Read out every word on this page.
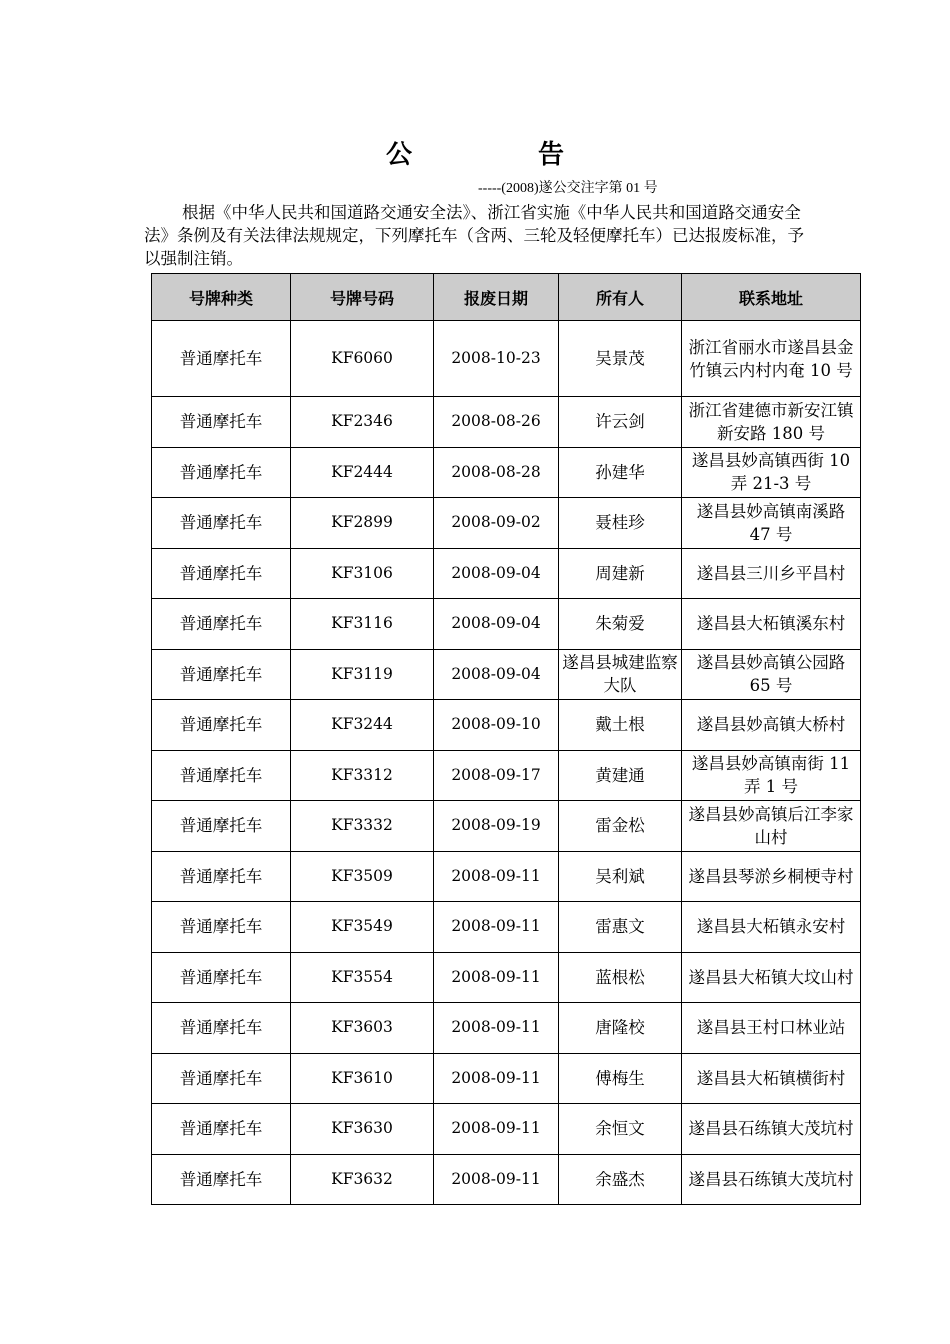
公	告
-----(2008)遂公交注字第 01 号
根据《中华人民共和国道路交通安全法》、浙江省实施《中华人民共和国道路交通安全法》条例及有关法律法规规定，下列摩托车（含两、三轮及轻便摩托车）已达报废标准，予以强制注销。
号牌种类	号牌号码	报废日期	所有人	联系地址
普通摩托车	KF6060	2008-10-23	吴景茂	浙江省丽水市遂昌县金竹镇云内村内奄 10 号
普通摩托车	KF2346	2008-08-26	许云剑	浙江省建德市新安江镇新安路 180 号
普通摩托车	KF2444	2008-08-28	孙建华	遂昌县妙高镇西街 10 弄 21-3 号
普通摩托车	KF2899	2008-09-02	聂桂珍	遂昌县妙高镇南溪路 47 号
普通摩托车	KF3106	2008-09-04	周建新	遂昌县三川乡平昌村
普通摩托车	KF3116	2008-09-04	朱菊爱	遂昌县大柘镇溪东村
普通摩托车	KF3119	2008-09-04	遂昌县城建监察大队	遂昌县妙高镇公园路 65 号
普通摩托车	KF3244	2008-09-10	戴土根	遂昌县妙高镇大桥村
普通摩托车	KF3312	2008-09-17	黄建通	遂昌县妙高镇南街 11 弄 1 号
普通摩托车	KF3332	2008-09-19	雷金松	遂昌县妙高镇后江李家山村
普通摩托车	KF3509	2008-09-11	吴利斌	遂昌县琴淤乡桐梗寺村
普通摩托车	KF3549	2008-09-11	雷惠文	遂昌县大柘镇永安村
普通摩托车	KF3554	2008-09-11	蓝根松	遂昌县大柘镇大坟山村
普通摩托车	KF3603	2008-09-11	唐隆校	遂昌县王村口林业站
普通摩托车	KF3610	2008-09-11	傅梅生	遂昌县大柘镇横街村
普通摩托车	KF3630	2008-09-11	余恒文	遂昌县石练镇大茂坑村
普通摩托车	KF3632	2008-09-11	余盛杰	遂昌县石练镇大茂坑村
